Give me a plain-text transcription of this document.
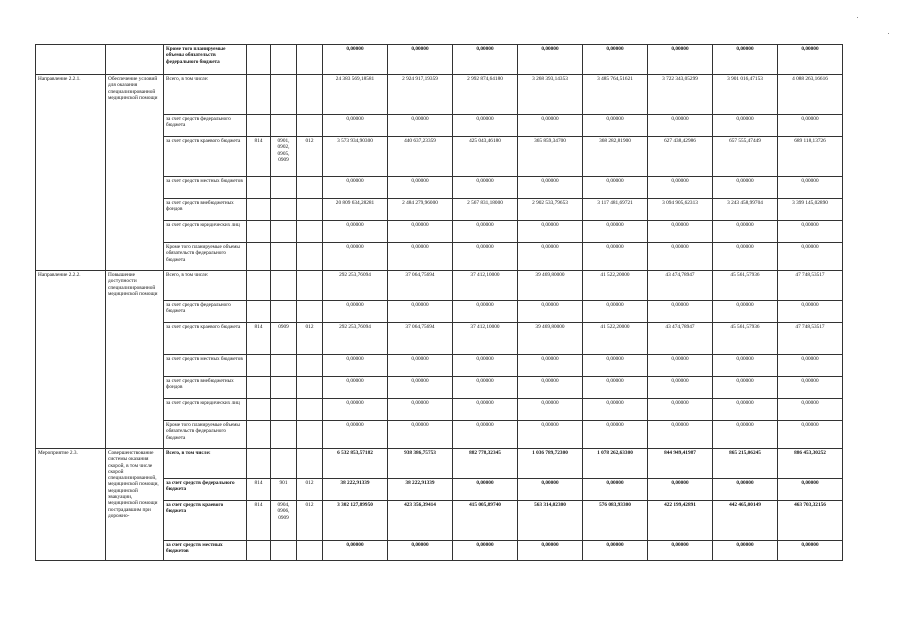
		Кроме того планируемые объемы обязательств федерального бюджета				0,00000	0,00000	0,00000	0,00000	0,00000	0,00000	0,00000	0,00000
Направление 2.2.1.	Обеспечение условий для оказания специализированной медицинской помощи	Всего, в том числе:				24 383 569,18581	2 924 917,19359	2 992 874,64180	3 268 393,14353	3 485 764,51621	3 722 343,05299	3 901 016,47153	4 088 263,16616
		за счет средств федерального бюджета				0,00000	0,00000	0,00000	0,00000	0,00000	0,00000	0,00000	0,00000
		за счет средств краевого бюджета	814	0901, 0902, 0905, 0909	012	3 573 934,90300	440 637,23359	425 043,46180	365 859,34700	368 282,81900	627 438,42986	657 555,47449	689 118,13726
		за счет средств местных бюджетов				0,00000	0,00000	0,00000	0,00000	0,00000	0,00000	0,00000	0,00000
		за счет средств внебюджетных фондов				20 809 634,28281	2 484 279,96000	2 567 831,18000	2 902 533,79653	3 117 481,69721	3 094 905,62313	3 243 458,99704	3 399 145,02890
		за счет средств юридических лиц				0,00000	0,00000	0,00000	0,00000	0,00000	0,00000	0,00000	0,00000
		Кроме того планируемые объемы обязательств федерального бюджета				0,00000	0,00000	0,00000	0,00000	0,00000	0,00000	0,00000	0,00000
Направление 2.2.2.	Повышение доступности специализированной медицинской помощи	Всего, в том числе:				292 253,76094	37 064,75694	37 412,10000	39 469,80000	41 522,20000	43 474,78947	45 561,57936	47 748,53517
		за счет средств федерального бюджета				0,00000	0,00000	0,00000	0,00000	0,00000	0,00000	0,00000	0,00000
		за счет средств краевого бюджета	814	0909	012	292 253,76094	37 064,75694	37 412,10000	39 469,80000	41 522,20000	43 474,78947	45 561,57936	47 748,53517
		за счет средств местных бюджетов				0,00000	0,00000	0,00000	0,00000	0,00000	0,00000	0,00000	0,00000
		за счет средств внебюджетных фондов				0,00000	0,00000	0,00000	0,00000	0,00000	0,00000	0,00000	0,00000
		за счет средств юридических лиц				0,00000	0,00000	0,00000	0,00000	0,00000	0,00000	0,00000	0,00000
		Кроме того планируемые объемы обязательств федерального бюджета				0,00000	0,00000	0,00000	0,00000	0,00000	0,00000	0,00000	0,00000
Мероприятие 2.3.	Совершенствование системы оказания скорой, в том числе скорой специализированной, медицинской помощи, медицинской эвакуации, медицинской помощи пострадавшим при дорожно-	Всего, в том числе:				6 532 853,57182	938 386,75753	882 778,32345	1 036 789,72300	1 078 262,63300	844 949,41987	865 215,06245	886 453,30252
		за счет средств федерального бюджета	814	901	012	38 222,91339	38 222,91339	0,00000	0,00000	0,00000	0,00000	0,00000	0,00000
		за счет средств краевого бюджета	814	0904, 0906, 0909	012	3 302 127,89950	423 356,39414	415 005,89740	563 314,02300	576 083,93300	422 199,42891	442 465,00149	463 703,32156
		за счет средств местных бюджетов				0,00000	0,00000	0,00000	0,00000	0,00000	0,00000	0,00000	0,00000
